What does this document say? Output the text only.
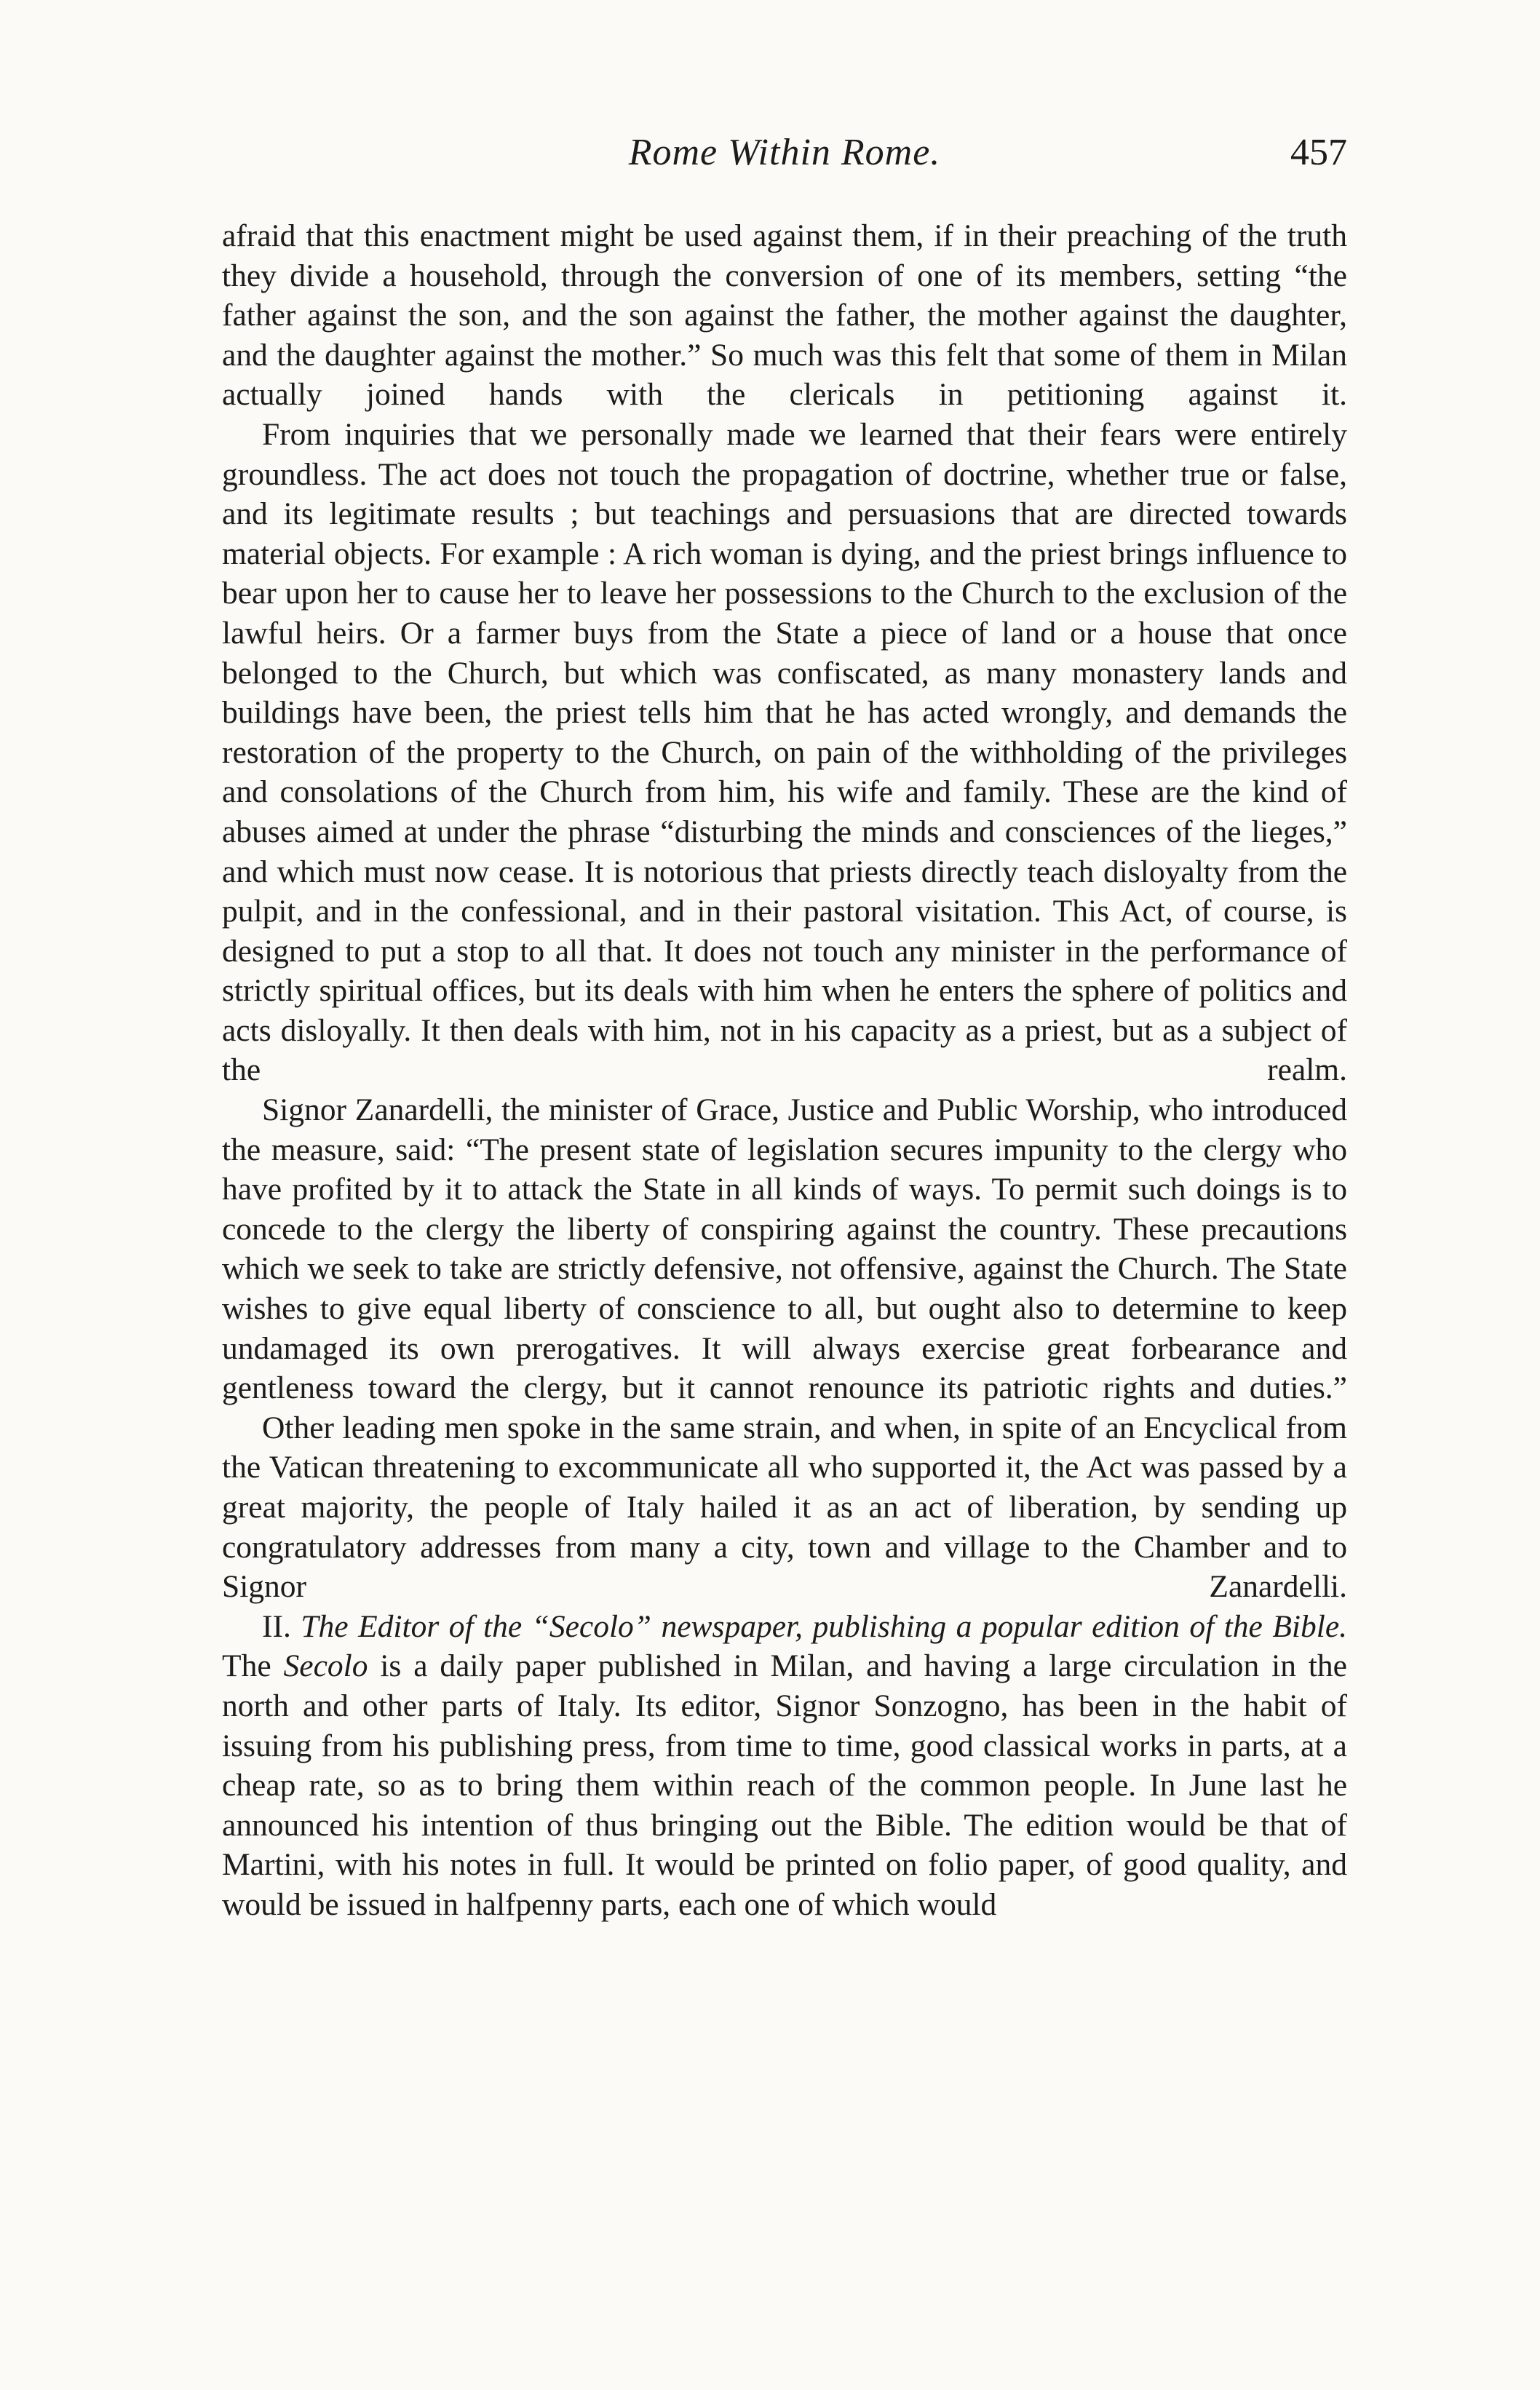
Rome Within Rome.	457

afraid that this enactment might be used against them, if in their preaching of the truth they divide a household, through the conversion of one of its members, setting “the father against the son, and the son against the father, the mother against the daughter, and the daughter against the mother.” So much was this felt that some of them in Milan actually joined hands with the clericals in petitioning against it.

From inquiries that we personally made we learned that their fears were entirely groundless. The act does not touch the propagation of doctrine, whether true or false, and its legitimate results ; but teachings and persuasions that are directed towards material objects. For example : A rich woman is dying, and the priest brings influence to bear upon her to cause her to leave her possessions to the Church to the exclusion of the lawful heirs. Or a farmer buys from the State a piece of land or a house that once belonged to the Church, but which was confiscated, as many monastery lands and buildings have been, the priest tells him that he has acted wrongly, and demands the restoration of the property to the Church, on pain of the withholding of the privileges and consolations of the Church from him, his wife and family. These are the kind of abuses aimed at under the phrase “disturbing the minds and consciences of the lieges,” and which must now cease. It is notorious that priests directly teach disloyalty from the pulpit, and in the confessional, and in their pastoral visitation. This Act, of course, is designed to put a stop to all that. It does not touch any minister in the performance of strictly spiritual offices, but its deals with him when he enters the sphere of politics and acts disloyally. It then deals with him, not in his capacity as a priest, but as a subject of the realm.

Signor Zanardelli, the minister of Grace, Justice and Public Worship, who introduced the measure, said: “The present state of legislation secures impunity to the clergy who have profited by it to attack the State in all kinds of ways. To permit such doings is to concede to the clergy the liberty of conspiring against the country. These precautions which we seek to take are strictly defensive, not offensive, against the Church. The State wishes to give equal liberty of conscience to all, but ought also to determine to keep undamaged its own prerogatives. It will always exercise great forbearance and gentleness toward the clergy, but it cannot renounce its patriotic rights and duties.”

Other leading men spoke in the same strain, and when, in spite of an Encyclical from the Vatican threatening to excommunicate all who supported it, the Act was passed by a great majority, the people of Italy hailed it as an act of liberation, by sending up congratulatory addresses from many a city, town and village to the Chamber and to Signor Zanardelli.

II. The Editor of the “Secolo” newspaper, publishing a popular edition of the Bible. The Secolo is a daily paper published in Milan, and having a large circulation in the north and other parts of Italy. Its editor, Signor Sonzogno, has been in the habit of issuing from his publishing press, from time to time, good classical works in parts, at a cheap rate, so as to bring them within reach of the common people. In June last he announced his intention of thus bringing out the Bible. The edition would be that of Martini, with his notes in full. It would be printed on folio paper, of good quality, and would be issued in halfpenny parts, each one of which would
